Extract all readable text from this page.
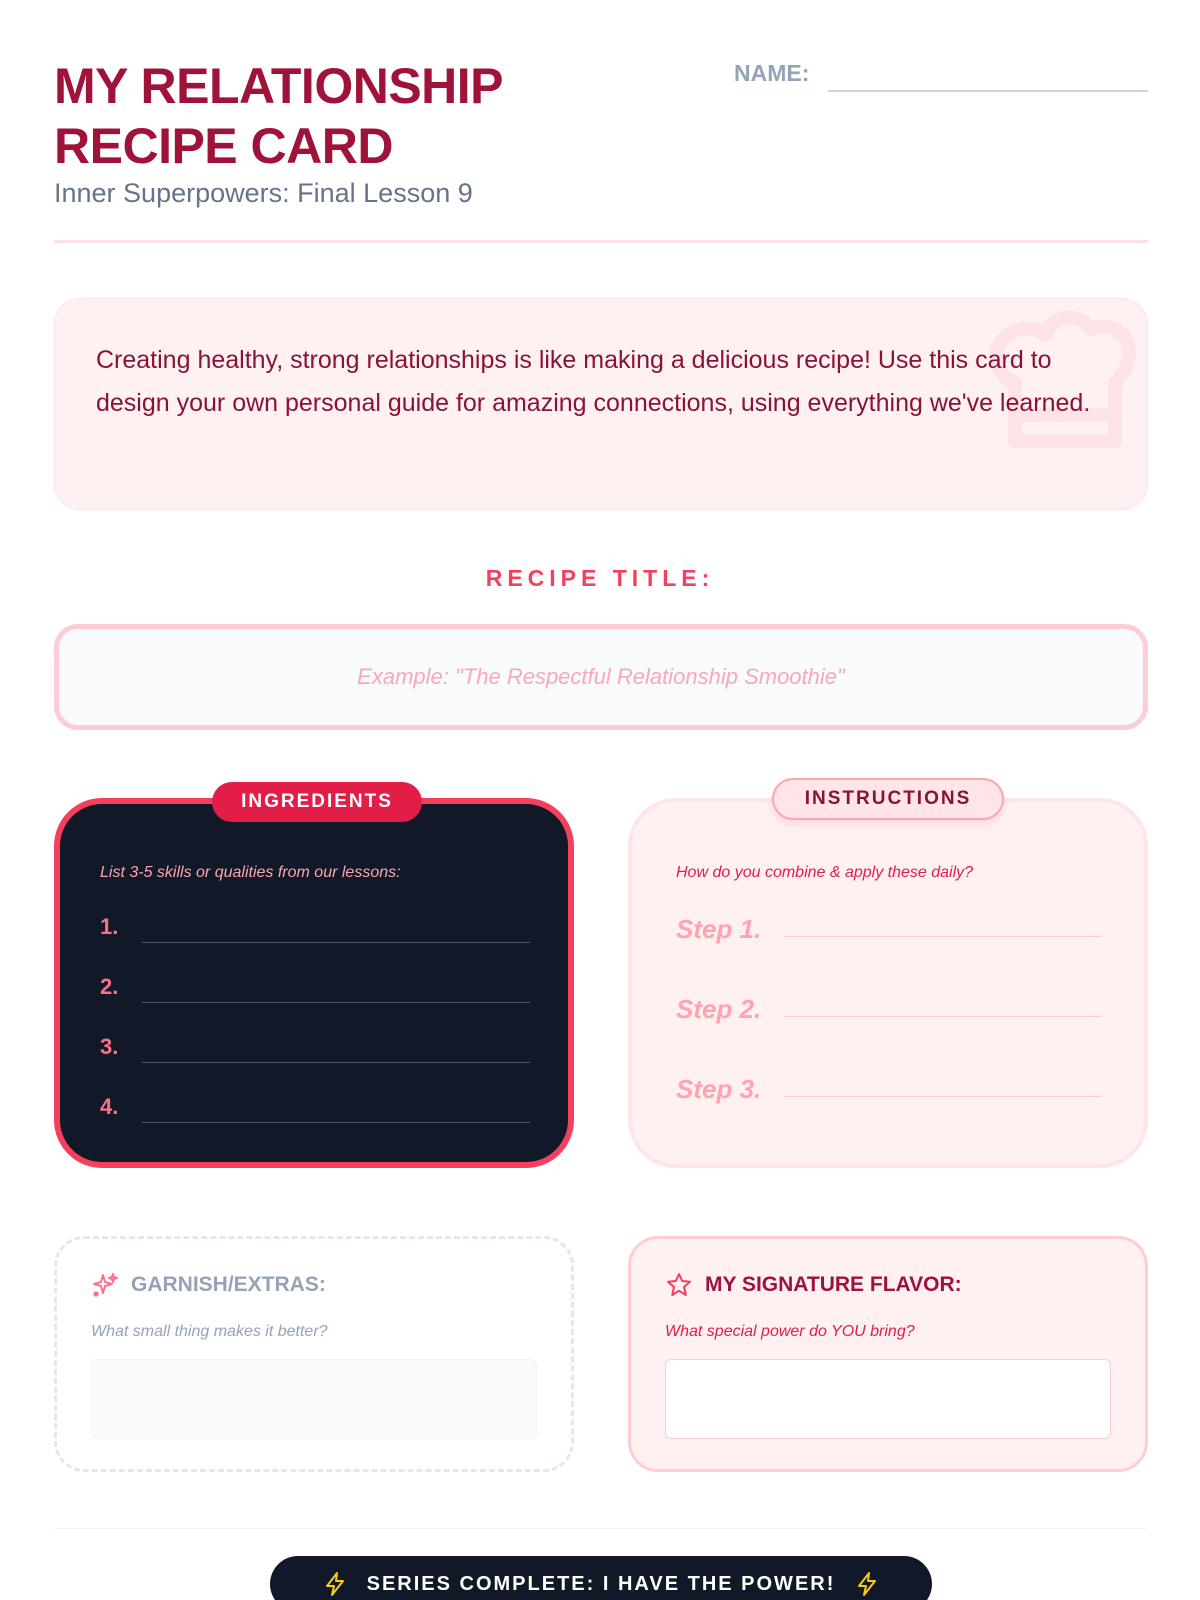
MY RELATIONSHIP RECIPE CARD
Inner Superpowers: Final Lesson 9
NAME:

Creating healthy, strong relationships is like making a delicious recipe! Use this card to design your own personal guide for amazing connections, using everything we've learned.

RECIPE TITLE:
Example: "The Respectful Relationship Smoothie"
INGREDIENTS
List 3-5 skills or qualities from our lessons:
1.
2.
3.
4.
INSTRUCTIONS
How do you combine & apply these daily?
Step 1.
Step 2.
Step 3.
GARNISH/EXTRAS:
What small thing makes it better?
MY SIGNATURE FLAVOR:
What special power do YOU bring?
SERIES COMPLETE: I HAVE THE POWER!
